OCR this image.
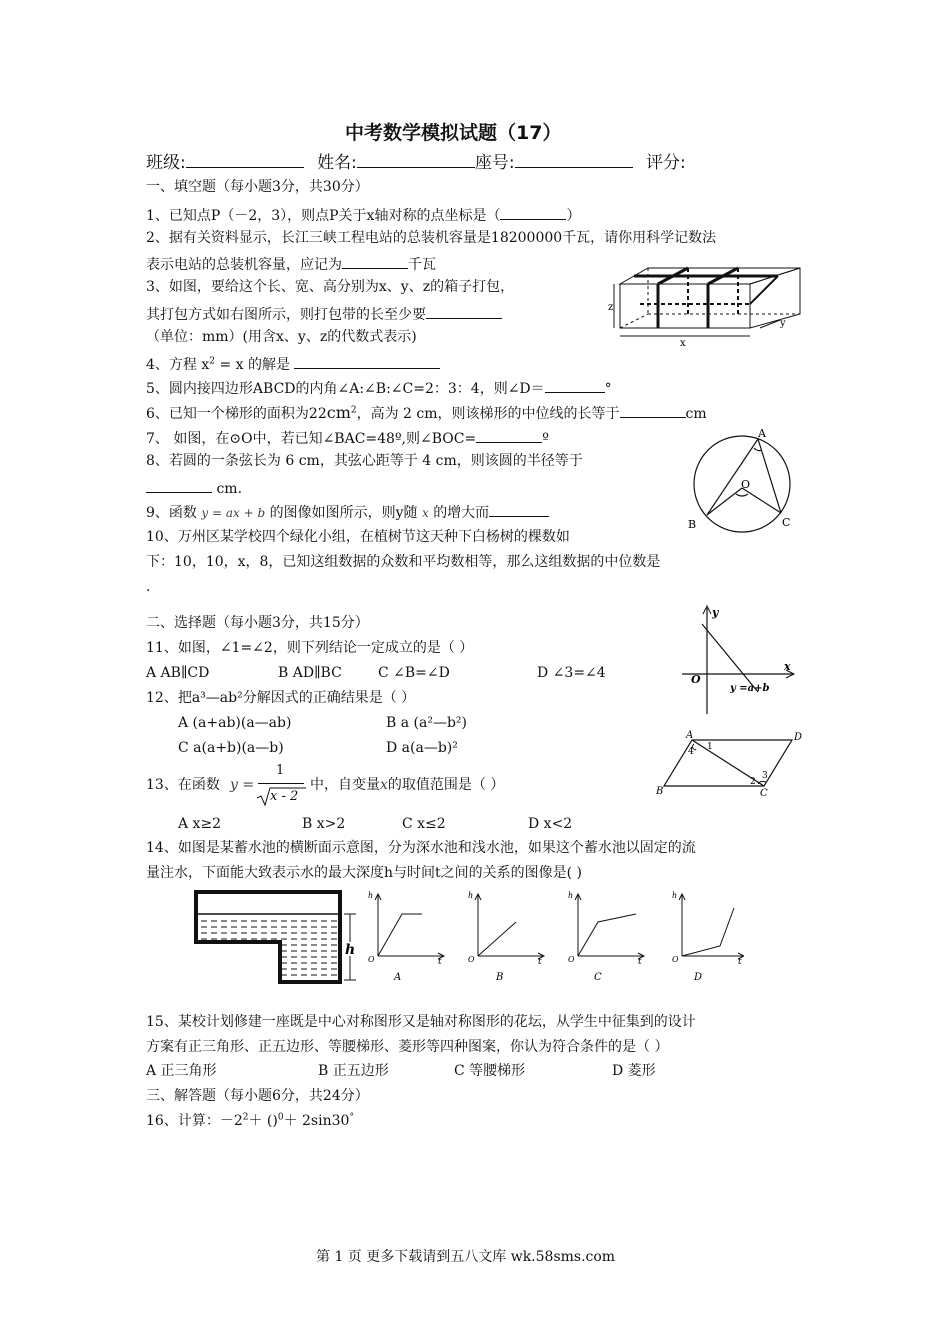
中考数学模拟试题（17）
班级:	姓名:	座号:	评分:
一、填空题（每小题3分，共30分）
1、已知点P（－2，3），则点P关于x轴对称的点坐标是（	）
2、据有关资料显示，长江三峡工程电站的总装机容量是18200000千瓦，请你用科学记数法
表示电站的总装机容量，应记为	千瓦
3、如图，要给这个长、宽、高分别为x、y、z的箱子打包，
其打包方式如右图所示，则打包带的长至少要
（单位：mm）(用含x、y、z的代数式表示)
4、方程 $x^2 = x$ 的解是
5、圆内接四边形ABCD的内角∠A:∠B:∠C=2：3：4，则∠D＝	°
6、已知一个梯形的面积为$22cm^2$，高为 2 cm，则该梯形的中位线的长等于	cm
7、 如图，在⊙O中，若已知∠BAC=48º,则∠BOC=	º
8、若圆的一条弦长为 6 cm，其弦心距等于 4 cm，则该圆的半径等于
cm.
9、函数 y = ax + b 的图像如图所示，则y随 x 的增大而
10、万州区某学校四个绿化小组，在植树节这天种下白杨树的棵数如
下：10，10，x，8，已知这组数据的众数和平均数相等，那么这组数据的中位数是
.
二、选择题（每小题3分，共15分）
11、如图，∠1=∠2，则下列结论一定成立的是（ ）
A AB∥CD	B AD∥BC	C ∠B=∠D	D ∠3=∠4
12、把a³—ab²分解因式的正确结果是（ ）
A (a+ab)(a—ab)	B a (a²—b²)
C a(a+b)(a—b)	D a(a—b)²
13、在函数 y =
1
x - 2
中，自变量x的取值范围是（ ）
A x≥2	B x>2	C x≤2	D x<2
14、如图是某蓄水池的横断面示意图，分为深水池和浅水池，如果这个蓄水池以固定的流
量注水，下面能大致表示水的最大深度h与时间t之间的关系的图像是( )
15、某校计划修建一座既是中心对称图形又是轴对称图形的花坛，从学生中征集到的设计
方案有正三角形、正五边形、等腰梯形、菱形等四种图案，你认为符合条件的是（ ）
A 正三角形	B 正五边形	C 等腰梯形	D 菱形
三、解答题（每小题6分，共24分）
16、计算：$-2^2+ ()^0+ 2\sin 30^\circ$
z
x
y
A
B	C
O
y
x
O
y =a+b
A	D
B	C
1
2
3
4
h
h
O	t
A
h
O	t
B
h
O	t
C
h
O	t
D
第 1 页 更多下载请到五八文库 wk.58sms.com
